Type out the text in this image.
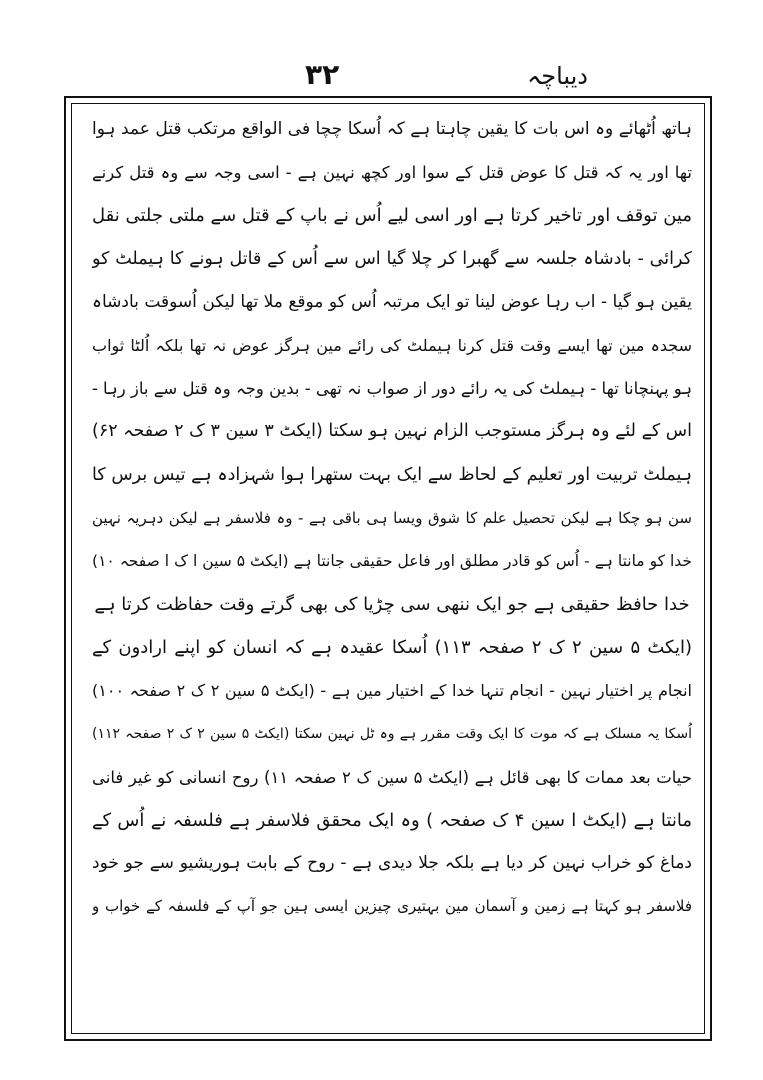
۳۲	دیباچہ
ہاتھ اُٹھائے وہ اس بات کا یقین چاہتا ہے کہ اُسکا چچا فی الواقع مرتکب قتل عمد ہوا
تھا اور یہ کہ قتل کا عوض قتل کے سوا اور کچھ نہین ہے - اسی وجہ سے وہ قتل کرنے
مین توقف اور تاخیر کرتا ہے اور اسی لیے اُس نے باپ کے قتل سے ملتی جلتی نقل
کرائی - بادشاہ جلسہ سے گھبرا کر چلا گیا اس سے اُس کے قاتل ہونے کا ہیملٹ کو
یقین ہو گیا - اب رہا عوض لینا تو ایک مرتبہ اُس کو موقع ملا تھا لیکن اُسوقت بادشاہ
سجدہ مین تھا ایسے وقت قتل کرنا ہیملٹ کی رائے مین ہرگز عوض نہ تھا بلکہ اُلٹا ثواب
ہو پہنچانا تھا - ہیملٹ کی یہ رائے دور از صواب نہ تھی - بدین وجہ وہ قتل سے باز رہا -
اس کے لئے وہ ہرگز مستوجب الزام نہین ہو سکتا (ایکٹ ۳ سین ۳ ک ۲ صفحہ ۶۲)
ہیملٹ تربیت اور تعلیم کے لحاظ سے ایک بہت ستھرا ہوا شہزادہ ہے تیس برس کا
سن ہو چکا ہے لیکن تحصیل علم کا شوق ویسا ہی باقی ہے - وہ فلاسفر ہے لیکن دہریہ نہین
خدا کو مانتا ہے - اُس کو قادر مطلق اور فاعل حقیقی جانتا ہے (ایکٹ ۵ سین ا ک ا صفحہ ۱۰)
خدا حافظ حقیقی ہے جو ایک ننھی سی چڑیا کی بھی گرتے وقت حفاظت کرتا ہے
(ایکٹ ۵ سین ۲ ک ۲ صفحہ ۱۱۳) اُسکا عقیدہ ہے کہ انسان کو اپنے ارادون کے
انجام پر اختیار نہین - انجام تنہا خدا کے اختیار مین ہے - (ایکٹ ۵ سین ۲ ک ۲ صفحہ ۱۰۰)
اُسکا یہ مسلک ہے کہ موت کا ایک وقت مقرر ہے وہ ٹل نہین سکتا (ایکٹ ۵ سین ۲ ک ۲ صفحہ ۱۱۲)
حیات بعد ممات کا بھی قائل ہے (ایکٹ ۵ سین ک ۲ صفحہ ۱۱) روح انسانی کو غیر فانی
مانتا ہے (ایکٹ ا سین ۴ ک صفحہ ) وہ ایک محقق فلاسفر ہے فلسفہ نے اُس کے
دماغ کو خراب نہین کر دیا ہے بلکہ جلا دیدی ہے - روح کے بابت ہوریشیو سے جو خود
فلاسفر ہو کہتا ہے زمین و آسمان مین بہتیری چیزین ایسی ہین جو آپ کے فلسفہ کے خواب و
